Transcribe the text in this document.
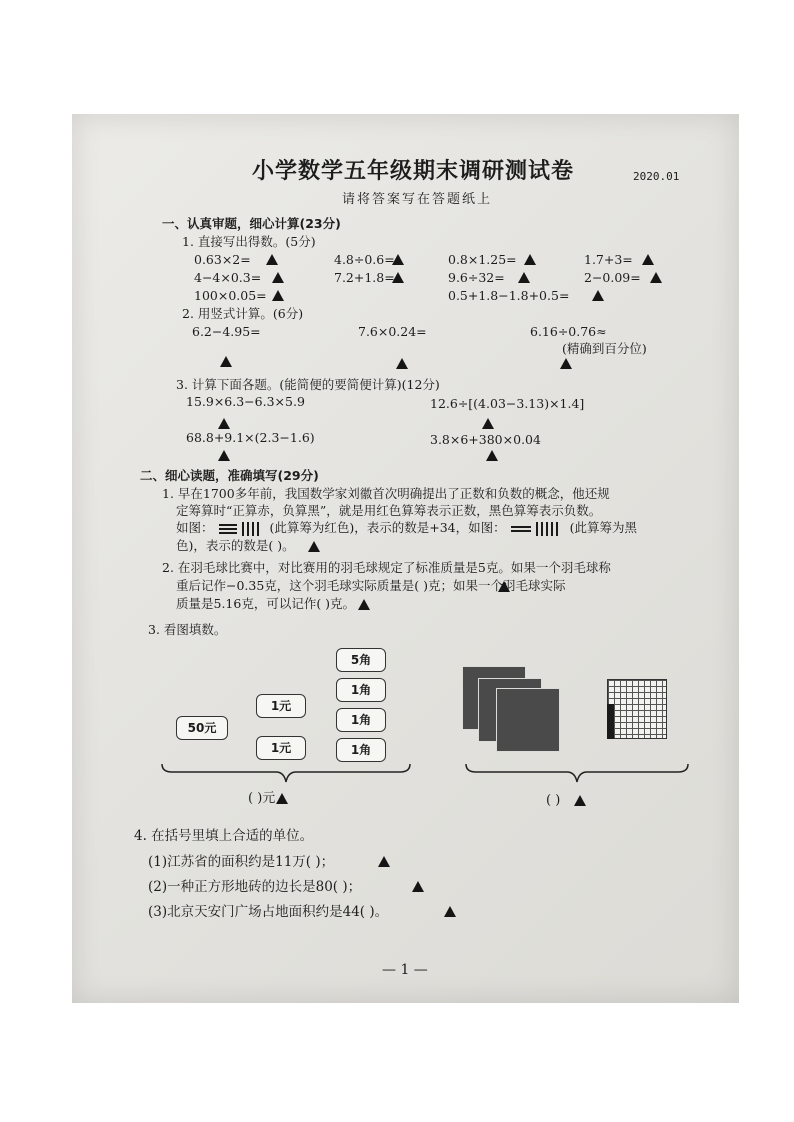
小学数学五年级期末调研测试卷	2020.01
请将答案写在答题纸上
一、认真审题，细心计算(23分)
1. 直接写出得数。(5分)
0.63×2=	4.8÷0.6=	0.8×1.25=	1.7+3=
4−4×0.3=	7.2+1.8=	9.6÷32=	2−0.09=
100×0.05=	0.5+1.8−1.8+0.5=
2. 用竖式计算。(6分)
6.2−4.95=	7.6×0.24=	6.16÷0.76≈
(精确到百分位)
3. 计算下面各题。(能简便的要简便计算)(12分)
15.9×6.3−6.3×5.9	12.6÷[(4.03−3.13)×1.4]
68.8+9.1×(2.3−1.6)	3.8×6+380×0.04
二、细心读题，准确填写(29分)
1. 早在1700多年前，我国数学家刘徽首次明确提出了正数和负数的概念，他还规
定筹算时“正算赤，负算黑”，就是用红色算筹表示正数，黑色算筹表示负数。
如图：	(此算筹为红色)，表示的数是+34，如图：	(此算筹为黑
色)，表示的数是( )。
2. 在羽毛球比赛中，对比赛用的羽毛球规定了标准质量是5克。如果一个羽毛球称
重后记作−0.35克，这个羽毛球实际质量是( )克；如果一个羽毛球实际
质量是5.16克，可以记作( )克。
3. 看图填数。
50元
1元
1元
5角
1角
1角
1角
( )元	( )
4. 在括号里填上合适的单位。
(1)江苏省的面积约是11万( )；
(2)一种正方形地砖的边长是80( )；
(3)北京天安门广场占地面积约是44( )。
— 1 —
